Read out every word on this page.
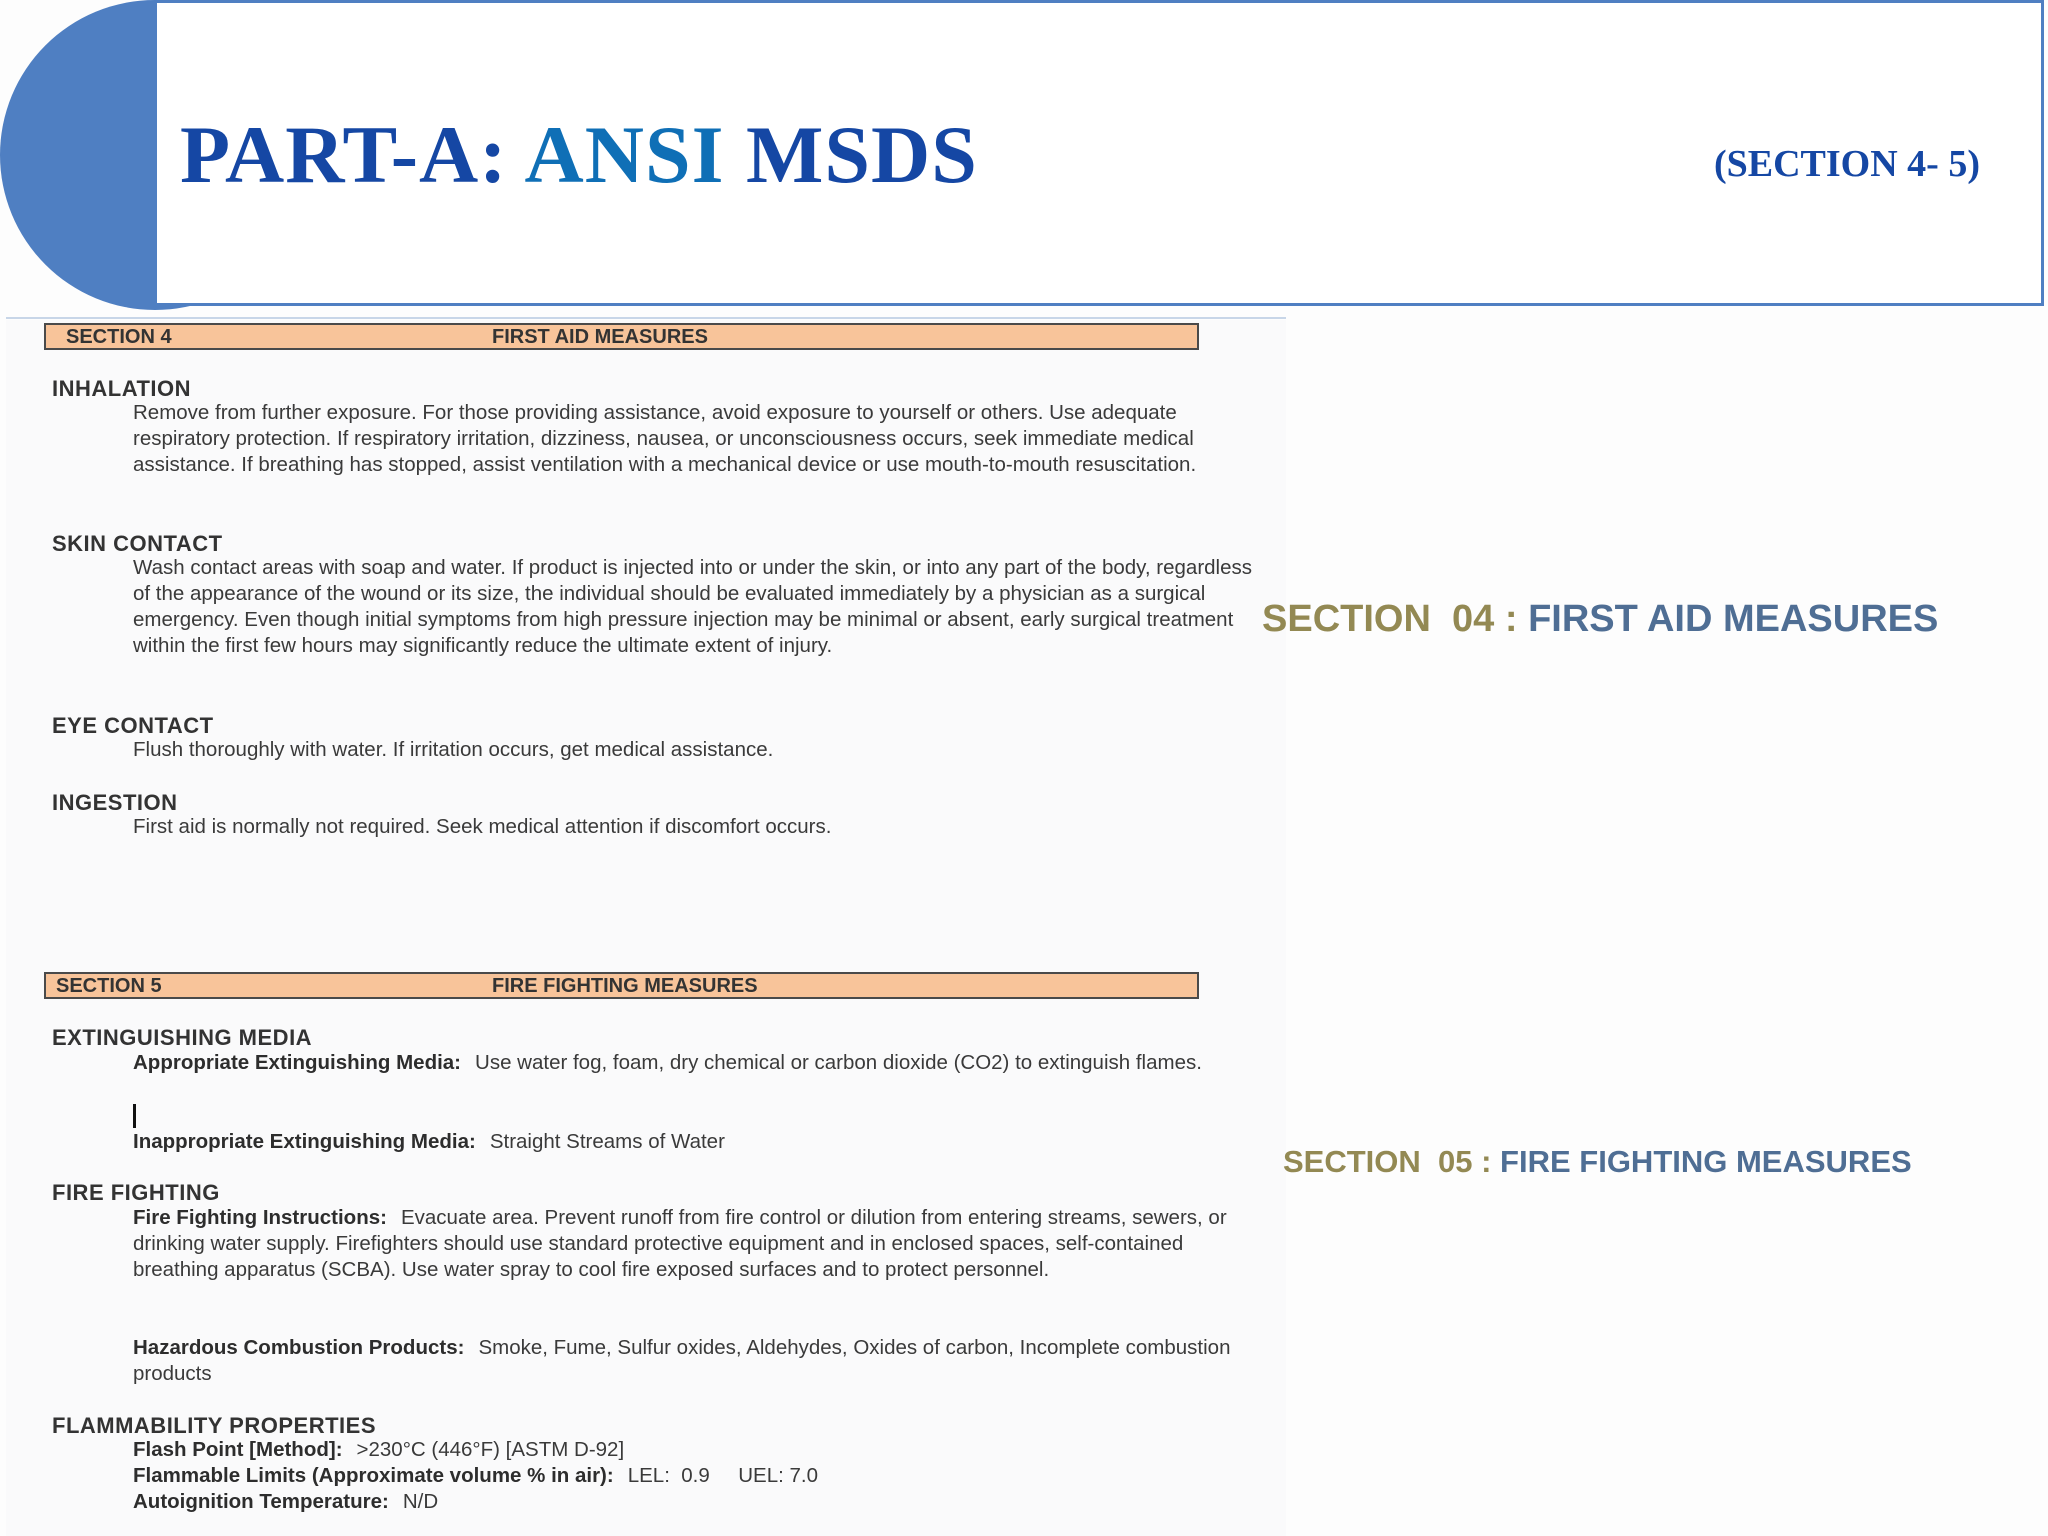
PART-A: ANSI MSDS	(SECTION 4- 5)
SECTION 4	FIRST AID MEASURES
INHALATION

Remove from further exposure. For those providing assistance, avoid exposure to yourself or others. Use adequate respiratory protection. If respiratory irritation, dizziness, nausea, or unconsciousness occurs, seek immediate medical assistance. If breathing has stopped, assist ventilation with a mechanical device or use mouth-to-mouth resuscitation.

SKIN CONTACT

Wash contact areas with soap and water. If product is injected into or under the skin, or into any part of the body, regardless of the appearance of the wound or its size, the individual should be evaluated immediately by a physician as a surgical emergency. Even though initial symptoms from high pressure injection may be minimal or absent, early surgical treatment within the first few hours may significantly reduce the ultimate extent of injury.

EYE CONTACT

Flush thoroughly with water. If irritation occurs, get medical assistance.

INGESTION

First aid is normally not required. Seek medical attention if discomfort occurs.

SECTION 5	FIRE FIGHTING MEASURES
EXTINGUISHING MEDIA

Appropriate Extinguishing Media: Use water fog, foam, dry chemical or carbon dioxide (CO2) to extinguish flames.

Inappropriate Extinguishing Media: Straight Streams of Water
FIRE FIGHTING

Fire Fighting Instructions: Evacuate area. Prevent runoff from fire control or dilution from entering streams, sewers, or drinking water supply. Firefighters should use standard protective equipment and in enclosed spaces, self-contained breathing apparatus (SCBA). Use water spray to cool fire exposed surfaces and to protect personnel.

Hazardous Combustion Products: Smoke, Fume, Sulfur oxides, Aldehydes, Oxides of carbon, Incomplete combustion products

FLAMMABILITY PROPERTIES
Flash Point [Method]: >230°C (446°F) [ASTM D-92]
Flammable Limits (Approximate volume % in air): LEL:  0.9     UEL: 7.0
Autoignition Temperature: N/D
SECTION  04 : FIRST AID MEASURES
SECTION  05 : FIRE FIGHTING MEASURES
